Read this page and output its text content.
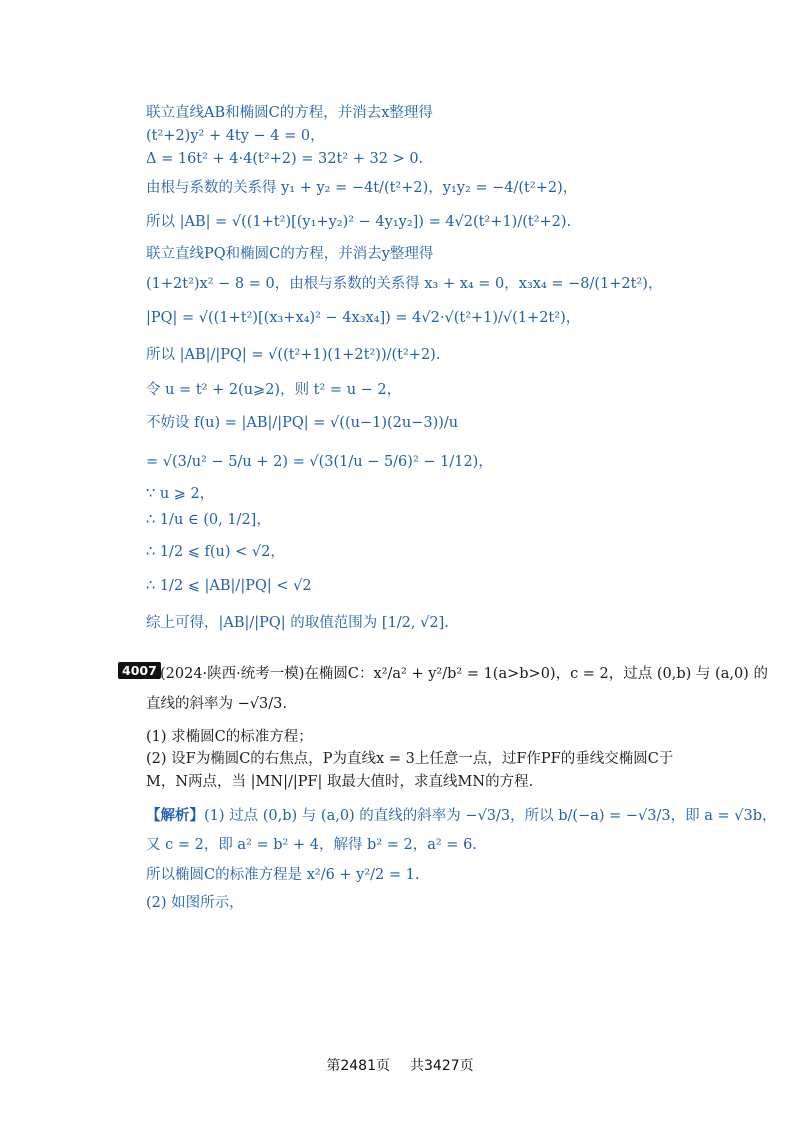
联立直线AB和椭圆C的方程，并消去x整理得
(t²+2)y² + 4ty − 4 = 0，
Δ = 16t² + 4·4(t²+2) = 32t² + 32 > 0.
由根与系数的关系得 y₁ + y₂ = −4t/(t²+2)，y₁y₂ = −4/(t²+2)，
所以 |AB| = √((1+t²)[(y₁+y₂)² − 4y₁y₂]) = 4√2(t²+1)/(t²+2).
联立直线PQ和椭圆C的方程，并消去y整理得
(1+2t²)x² − 8 = 0，由根与系数的关系得 x₃ + x₄ = 0，x₃x₄ = −8/(1+2t²)，
|PQ| = √((1+t²)[(x₃+x₄)² − 4x₃x₄]) = 4√2·√(t²+1)/√(1+2t²)，
所以 |AB|/|PQ| = √((t²+1)(1+2t²))/(t²+2).
令 u = t² + 2(u⩾2)，则 t² = u − 2，
不妨设 f(u) = |AB|/|PQ| = √((u−1)(2u−3))/u
= √(3/u² − 5/u + 2) = √(3(1/u − 5/6)² − 1/12)，
∵ u ⩾ 2，
∴ 1/u ∈ (0, 1/2]，
∴ 1/2 ⩽ f(u) < √2，
∴ 1/2 ⩽ |AB|/|PQ| < √2
综上可得，|AB|/|PQ| 的取值范围为 [1/2, √2].
4007 (2024·陕西·统考一模)在椭圆C：x²/a² + y²/b² = 1(a>b>0)，c = 2，过点 (0,b) 与 (a,0) 的
直线的斜率为 −√3/3.
(1) 求椭圆C的标准方程；
(2) 设F为椭圆C的右焦点，P为直线x = 3上任意一点，过F作PF的垂线交椭圆C于
M，N两点，当 |MN|/|PF| 取最大值时，求直线MN的方程.
【解析】(1) 过点 (0,b) 与 (a,0) 的直线的斜率为 −√3/3，所以 b/(−a) = −√3/3，即 a = √3b，
又 c = 2，即 a² = b² + 4，解得 b² = 2，a² = 6.
所以椭圆C的标准方程是 x²/6 + y²/2 = 1.
(2) 如图所示，
第2481页 共3427页
